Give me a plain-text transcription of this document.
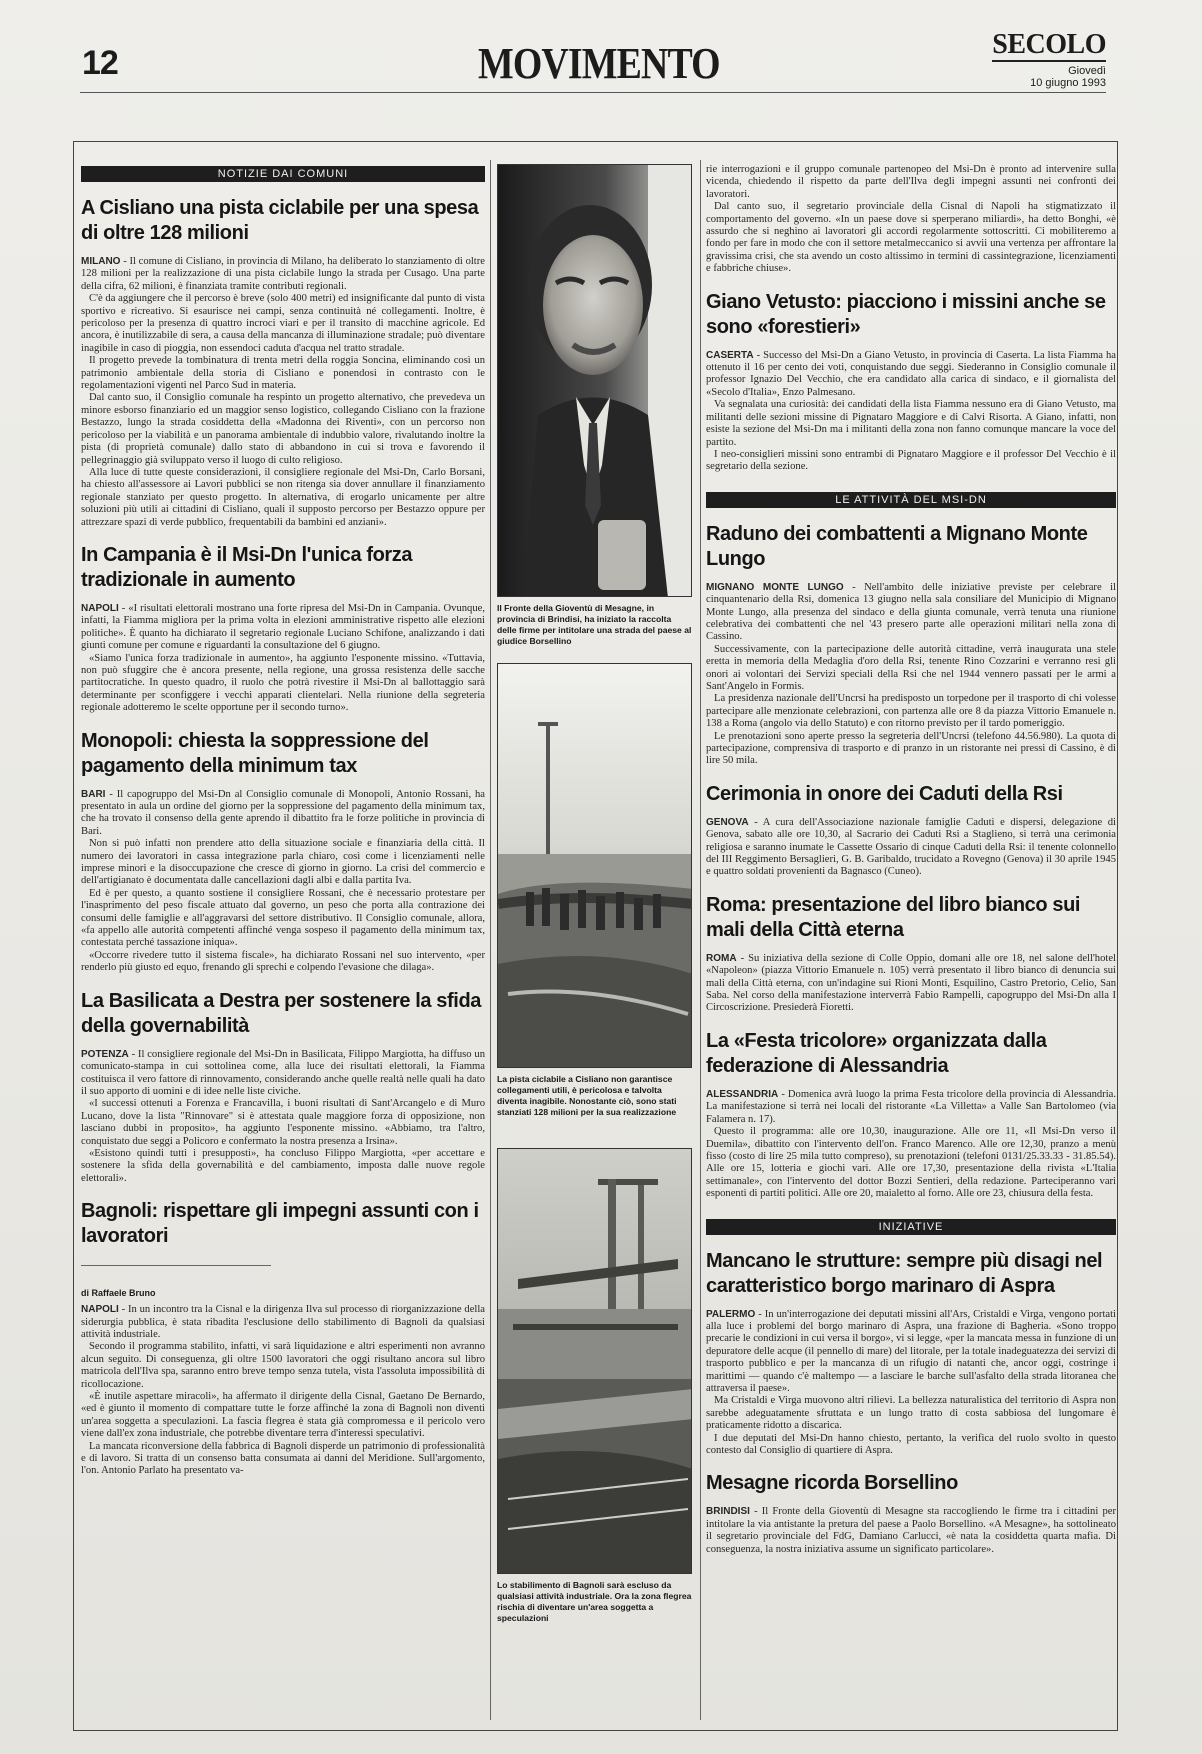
12	MOVIMENTO	SECOLO
Giovedì
10 giugno 1993
NOTIZIE DAI COMUNI
A Cisliano una pista ciclabile per una spesa di oltre 128 milioni

MILANO - Il comune di Cisliano, in provincia di Milano, ha deliberato lo stanziamento di oltre 128 milioni per la realizzazione di una pista ciclabile lungo la strada per Cusago. Una parte della cifra, 62 milioni, è finanziata tramite contributi regionali.

C'è da aggiungere che il percorso è breve (solo 400 metri) ed insignificante dal punto di vista sportivo e ricreativo. Si esaurisce nei campi, senza continuità né collegamenti. Inoltre, è pericoloso per la presenza di quattro incroci viari e per il transito di macchine agricole. Ed ancora, è inutilizzabile di sera, a causa della mancanza di illuminazione stradale; può diventare inagibile in caso di pioggia, non essendoci caduta d'acqua nel tratto stradale.

Il progetto prevede la tombinatura di trenta metri della roggia Soncina, eliminando così un patrimonio ambientale della storia di Cisliano e ponendosi in contrasto con le regolamentazioni vigenti nel Parco Sud in materia.

Dal canto suo, il Consiglio comunale ha respinto un progetto alternativo, che prevedeva un minore esborso finanziario ed un maggior senso logistico, collegando Cisliano con la frazione Bestazzo, lungo la strada cosiddetta della «Madonna dei Riventi», con un percorso non pericoloso per la viabilità e un panorama ambientale di indubbio valore, rivalutando inoltre la pista (di proprietà comunale) dallo stato di abbandono in cui si trova e favorendo il pellegrinaggio già sviluppato verso il luogo di culto religioso.

Alla luce di tutte queste considerazioni, il consigliere regionale del Msi-Dn, Carlo Borsani, ha chiesto all'assessore ai Lavori pubblici se non ritenga sia dover annullare il finanziamento regionale stanziato per questo progetto. In alternativa, di erogarlo unicamente per altre soluzioni più utili ai cittadini di Cisliano, quali il supposto percorso per Bestazzo oppure per attrezzare spazi di verde pubblico, frequentabili da bambini ed anziani».

In Campania è il Msi-Dn l'unica forza tradizionale in aumento

NAPOLI - «I risultati elettorali mostrano una forte ripresa del Msi-Dn in Campania. Ovunque, infatti, la Fiamma migliora per la prima volta in elezioni amministrative rispetto alle elezioni politiche». È quanto ha dichiarato il segretario regionale Luciano Schifone, analizzando i dati giunti comune per comune e riguardanti la consultazione del 6 giugno.

«Siamo l'unica forza tradizionale in aumento», ha aggiunto l'esponente missino. «Tuttavia, non può sfuggire che è ancora presente, nella regione, una grossa resistenza delle sacche partitocratiche. In questo quadro, il ruolo che potrà rivestire il Msi-Dn al ballottaggio sarà determinante per sconfiggere i vecchi apparati clientelari. Nella riunione della segreteria regionale adotteremo le scelte opportune per il secondo turno».

Monopoli: chiesta la soppressione del pagamento della minimum tax

BARI - Il capogruppo del Msi-Dn al Consiglio comunale di Monopoli, Antonio Rossani, ha presentato in aula un ordine del giorno per la soppressione del pagamento della minimum tax, che ha trovato il consenso della gente aprendo il dibattito fra le forze politiche in provincia di Bari.

Non si può infatti non prendere atto della situazione sociale e finanziaria della città. Il numero dei lavoratori in cassa integrazione parla chiaro, così come i licenziamenti nelle imprese minori e la disoccupazione che cresce di giorno in giorno. La crisi del commercio e dell'artigianato è documentata dalle cancellazioni dagli albi e dalla partita Iva.

Ed è per questo, a quanto sostiene il consigliere Rossani, che è necessario protestare per l'inasprimento del peso fiscale attuato dal governo, un peso che porta alla contrazione dei consumi delle famiglie e all'aggravarsi del settore distributivo. Il Consiglio comunale, allora, «fa appello alle autorità competenti affinché venga sospeso il pagamento della minimum tax, contestata perché tassazione iniqua».

«Occorre rivedere tutto il sistema fiscale», ha dichiarato Rossani nel suo intervento, «per renderlo più giusto ed equo, frenando gli sprechi e colpendo l'evasione che dilaga».

La Basilicata a Destra per sostenere la sfida della governabilità

POTENZA - Il consigliere regionale del Msi-Dn in Basilicata, Filippo Margiotta, ha diffuso un comunicato-stampa in cui sottolinea come, alla luce dei risultati elettorali, la Fiamma costituisca il vero fattore di rinnovamento, considerando anche quelle realtà nelle quali ha dato il suo apporto di uomini e di idee nelle liste civiche.

«I successi ottenuti a Forenza e Francavilla, i buoni risultati di Sant'Arcangelo e di Muro Lucano, dove la lista "Rinnovare" si è attestata quale maggiore forza di opposizione, non lasciano dubbi in proposito», ha aggiunto l'esponente missino. «Abbiamo, tra l'altro, conquistato due seggi a Policoro e confermato la nostra presenza a Irsina».

«Esistono quindi tutti i presupposti», ha concluso Filippo Margiotta, «per accettare e sostenere la sfida della governabilità e del cambiamento, imposta dalle nuove regole elettorali».

Bagnoli: rispettare gli impegni assunti con i lavoratori
di Raffaele Bruno

NAPOLI - In un incontro tra la Cisnal e la dirigenza Ilva sul processo di riorganizzazione della siderurgia pubblica, è stata ribadita l'esclusione dello stabilimento di Bagnoli da qualsiasi attività industriale.

Secondo il programma stabilito, infatti, vi sarà liquidazione e altri esperimenti non avranno alcun seguito. Di conseguenza, gli oltre 1500 lavoratori che oggi risultano ancora sul libro matricola dell'Ilva spa, saranno entro breve tempo senza tutela, vista l'assoluta impossibilità di ricollocazione.

«È inutile aspettare miracoli», ha affermato il dirigente della Cisnal, Gaetano De Bernardo, «ed è giunto il momento di compattare tutte le forze affinché la zona di Bagnoli non diventi un'area soggetta a speculazioni. La fascia flegrea è stata già compromessa e il pericolo vero viene dall'ex zona industriale, che potrebbe diventare terra d'interessi speculativi.

La mancata riconversione della fabbrica di Bagnoli disperde un patrimonio di professionalità e di lavoro. Si tratta di un consenso batta consumata ai danni del Meridione. Sull'argomento, l'on. Antonio Parlato ha presentato va-

Il Fronte della Gioventù di Mesagne, in provincia di Brindisi, ha iniziato la raccolta delle firme per intitolare una strada del paese al giudice Borsellino
La pista ciclabile a Cisliano non garantisce collegamenti utili, è pericolosa e talvolta diventa inagibile. Nonostante ciò, sono stati stanziati 128 milioni per la sua realizzazione
Lo stabilimento di Bagnoli sarà escluso da qualsiasi attività industriale. Ora la zona flegrea rischia di diventare un'area soggetta a speculazioni

rie interrogazioni e il gruppo comunale partenopeo del Msi-Dn è pronto ad intervenire sulla vicenda, chiedendo il rispetto da parte dell'Ilva degli impegni assunti nei confronti dei lavoratori.

Dal canto suo, il segretario provinciale della Cisnal di Napoli ha stigmatizzato il comportamento del governo. «In un paese dove si sperperano miliardi», ha detto Bonghi, «è assurdo che si neghino ai lavoratori gli accordi regolarmente sottoscritti. Ci mobiliteremo a fondo per fare in modo che con il settore metalmeccanico si avvii una vertenza per affrontare la gravissima crisi, che sta avendo un costo altissimo in termini di cassintegrazione, licenziamenti e fabbriche chiuse».

Giano Vetusto: piacciono i missini anche se sono «forestieri»

CASERTA - Successo del Msi-Dn a Giano Vetusto, in provincia di Caserta. La lista Fiamma ha ottenuto il 16 per cento dei voti, conquistando due seggi. Siederanno in Consiglio comunale il professor Ignazio Del Vecchio, che era candidato alla carica di sindaco, e il giornalista del «Secolo d'Italia», Enzo Palmesano.

Va segnalata una curiosità: dei candidati della lista Fiamma nessuno era di Giano Vetusto, ma militanti delle sezioni missine di Pignataro Maggiore e di Calvi Risorta. A Giano, infatti, non esiste la sezione del Msi-Dn ma i militanti della zona non fanno comunque mancare la voce del partito.

I neo-consiglieri missini sono entrambi di Pignataro Maggiore e il professor Del Vecchio è il segretario della sezione.

LE ATTIVITÀ DEL MSI-DN
Raduno dei combattenti a Mignano Monte Lungo

MIGNANO MONTE LUNGO - Nell'ambito delle iniziative previste per celebrare il cinquantenario della Rsi, domenica 13 giugno nella sala consiliare del Municipio di Mignano Monte Lungo, alla presenza del sindaco e della giunta comunale, verrà tenuta una riunione celebrativa dei combattenti che nel '43 presero parte alle operazioni militari nella zona di Cassino.

Successivamente, con la partecipazione delle autorità cittadine, verrà inaugurata una stele eretta in memoria della Medaglia d'oro della Rsi, tenente Rino Cozzarini e verranno resi gli onori ai volontari dei Servizi speciali della Rsi che nel 1944 vennero passati per le armi a Sant'Angelo in Formis.

La presidenza nazionale dell'Uncrsi ha predisposto un torpedone per il trasporto di chi volesse partecipare alle menzionate celebrazioni, con partenza alle ore 8 da piazza Vittorio Emanuele n. 138 a Roma (angolo via dello Statuto) e con ritorno previsto per il tardo pomeriggio.

Le prenotazioni sono aperte presso la segreteria dell'Uncrsi (telefono 44.56.980). La quota di partecipazione, comprensiva di trasporto e di pranzo in un ristorante nei pressi di Cassino, è di lire 50 mila.

Cerimonia in onore dei Caduti della Rsi

GENOVA - A cura dell'Associazione nazionale famiglie Caduti e dispersi, delegazione di Genova, sabato alle ore 10,30, al Sacrario dei Caduti Rsi a Staglieno, si terrà una cerimonia religiosa e saranno inumate le Cassette Ossario di cinque Caduti della Rsi: il tenente colonnello del III Reggimento Bersaglieri, G. B. Garibaldo, trucidato a Rovegno (Genova) il 30 aprile 1945 e quattro soldati provenienti da Bagnasco (Cuneo).

Roma: presentazione del libro bianco sui mali della Città eterna

ROMA - Su iniziativa della sezione di Colle Oppio, domani alle ore 18, nel salone dell'hotel «Napoleon» (piazza Vittorio Emanuele n. 105) verrà presentato il libro bianco di denuncia sui mali della Città eterna, con un'indagine sui Rioni Monti, Esquilino, Castro Pretorio, Celio, San Saba. Nel corso della manifestazione interverrà Fabio Rampelli, capogruppo del Msi-Dn alla I Circoscrizione. Presiederà Fioretti.

La «Festa tricolore» organizzata dalla federazione di Alessandria

ALESSANDRIA - Domenica avrà luogo la prima Festa tricolore della provincia di Alessandria. La manifestazione si terrà nei locali del ristorante «La Villetta» a Valle San Bartolomeo (via Falamera n. 17).

Questo il programma: alle ore 10,30, inaugurazione. Alle ore 11, «Il Msi-Dn verso il Duemila», dibattito con l'intervento dell'on. Franco Marenco. Alle ore 12,30, pranzo a menù fisso (costo di lire 25 mila tutto compreso), su prenotazioni (telefoni 0131/25.33.33 - 31.85.54). Alle ore 15, lotteria e giochi vari. Alle ore 17,30, presentazione della rivista «L'Italia settimanale», con l'intervento del dottor Bozzi Sentieri, della redazione. Parteciperanno vari esponenti di partiti politici. Alle ore 20, maialetto al forno. Alle ore 23, chiusura della festa.

INIZIATIVE
Mancano le strutture: sempre più disagi nel caratteristico borgo marinaro di Aspra

PALERMO - In un'interrogazione dei deputati missini all'Ars, Cristaldi e Virga, vengono portati alla luce i problemi del borgo marinaro di Aspra, una frazione di Bagheria. «Sono troppo precarie le condizioni in cui versa il borgo», vi si legge, «per la mancata messa in funzione di un depuratore delle acque (il pennello di mare) del litorale, per la totale inadeguatezza dei servizi di trasporto pubblico e per la mancanza di un rifugio di natanti che, ancor oggi, costringe i marittimi — quando c'è maltempo — a lasciare le barche sull'asfalto della strada litoranea che attraversa il paese».

Ma Cristaldi e Virga muovono altri rilievi. La bellezza naturalistica del territorio di Aspra non sarebbe adeguatamente sfruttata e un lungo tratto di costa sabbiosa del lungomare è praticamente ridotto a discarica.

I due deputati del Msi-Dn hanno chiesto, pertanto, la verifica del ruolo svolto in questo contesto dal Consiglio di quartiere di Aspra.

Mesagne ricorda Borsellino

BRINDISI - Il Fronte della Gioventù di Mesagne sta raccogliendo le firme tra i cittadini per intitolare la via antistante la pretura del paese a Paolo Borsellino. «A Mesagne», ha sottolineato il segretario provinciale del FdG, Damiano Carlucci, «è nata la cosiddetta quarta mafia. Di conseguenza, la nostra iniziativa assume un significato particolare».
